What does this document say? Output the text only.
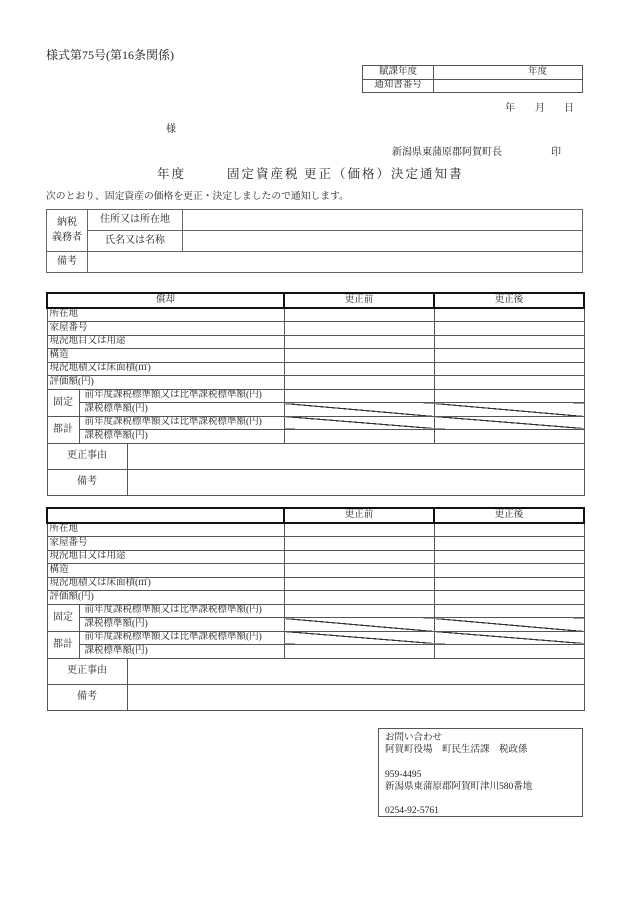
様式第75号(第16条関係)
賦課年度	年度
通知書番号	
年 月 日
様
新潟県東蒲原郡阿賀町長	印
年度	固定資産税 更正（価格）決定通知書
次のとおり、固定資産の価格を更正・決定しましたので通知します。
納税
義務者	住所又は所在地	
	氏名又は名称	
備考		
償却			更正前	更正後
所在地				
家屋番号				
現況地目又は用途				
構造				
現況地積又は床面積(㎡)				
評価額(円)				
固定	前年度課税標準額又は比準課税標準額(円)			
	課税標準額(円)			
都計	前年度課税標準額又は比準課税標準額(円)			
	課税標準額(円)			
更正事由				
備考				
			更正前	更正後
所在地				
家屋番号				
現況地目又は用途				
構造				
現況地積又は床面積(㎡)				
評価額(円)				
固定	前年度課税標準額又は比準課税標準額(円)			
	課税標準額(円)			
都計	前年度課税標準額又は比準課税標準額(円)			
	課税標準額(円)			
更正事由				
備考				
お問い合わせ
阿賀町役場　町民生活課　税政係
959-4495
新潟県東蒲原郡阿賀町津川580番地
0254-92-5761
